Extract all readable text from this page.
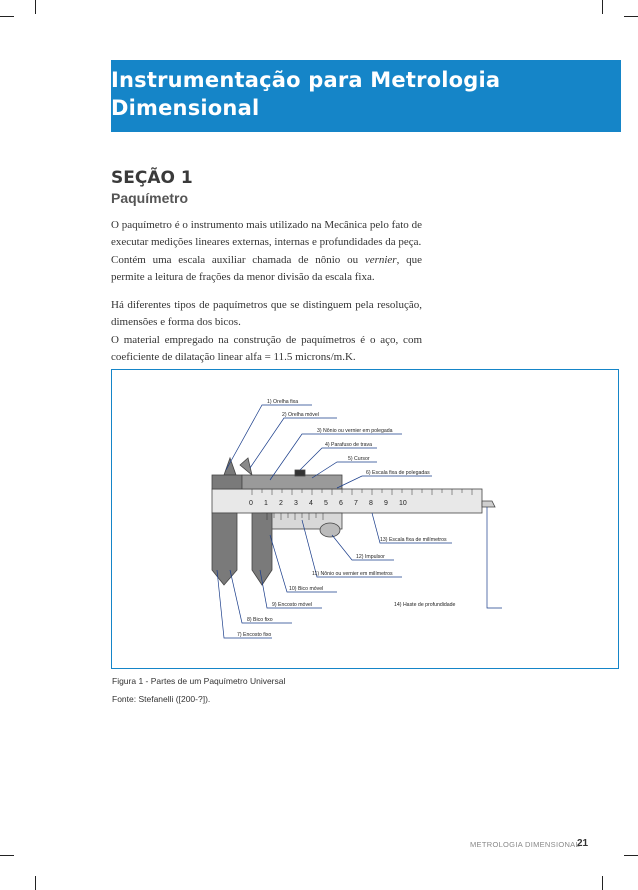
Instrumentação para Metrologia
Dimensional
SEÇÃO 1
Paquímetro

O paquímetro é o instrumento mais utilizado na Mecânica pelo fato de executar medições lineares externas, internas e profundidades da peça.

Contém uma escala auxiliar chamada de nônio ou vernier, que permite a leitura de frações da menor divisão da escala fixa.

Há diferentes tipos de paquímetros que se distinguem pela resolução, dimensões e forma dos bicos.

O material empregado na construção de paquímetros é o aço, com coeficiente de dilatação linear alfa = 11.5 microns/m.K.

0 1 2 3 4 5 6 7 8 9 10
1) Orelha fixa
2) Orelha móvel
3) Nônio ou vernier em polegada
4) Parafuso de trava
5) Cursor
6) Escala fixa de polegadas
13) Escala fixa de milímetros
12) Impulsor
11) Nônio ou vernier em milímetros
10) Bico móvel
9) Encosto móvel	14) Haste de profundidade
8) Bico fixo
7) Encosto fixo

Figura 1 - Partes de um Paquímetro Universal

Fonte: Stefanelli ([200-?]).

METROLOGIA DIMENSIONAL
21
